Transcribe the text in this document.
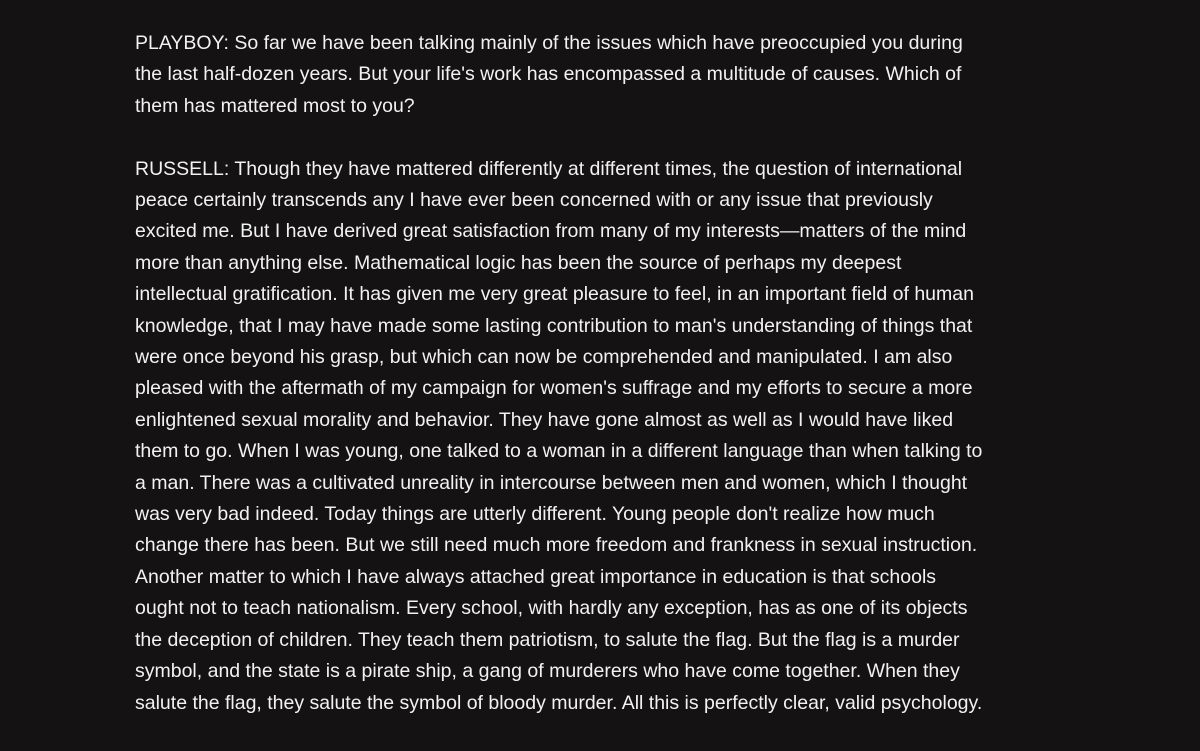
PLAYBOY: So far we have been talking mainly of the issues which have preoccupied you during
the last half-dozen years. But your life's work has encompassed a multitude of causes. Which of
them has mattered most to you?

RUSSELL: Though they have mattered differently at different times, the question of international
peace certainly transcends any I have ever been concerned with or any issue that previously
excited me. But I have derived great satisfaction from many of my interests—matters of the mind
more than anything else. Mathematical logic has been the source of perhaps my deepest
intellectual gratification. It has given me very great pleasure to feel, in an important field of human
knowledge, that I may have made some lasting contribution to man's understanding of things that
were once beyond his grasp, but which can now be comprehended and manipulated. I am also
pleased with the aftermath of my campaign for women's suffrage and my efforts to secure a more
enlightened sexual morality and behavior. They have gone almost as well as I would have liked
them to go. When I was young, one talked to a woman in a different language than when talking to
a man. There was a cultivated unreality in intercourse between men and women, which I thought
was very bad indeed. Today things are utterly different. Young people don't realize how much
change there has been. But we still need much more freedom and frankness in sexual instruction.
Another matter to which I have always attached great importance in education is that schools
ought not to teach nationalism. Every school, with hardly any exception, has as one of its objects
the deception of children. They teach them patriotism, to salute the flag. But the flag is a murder
symbol, and the state is a pirate ship, a gang of murderers who have come together. When they
salute the flag, they salute the symbol of bloody murder. All this is perfectly clear, valid psychology.
